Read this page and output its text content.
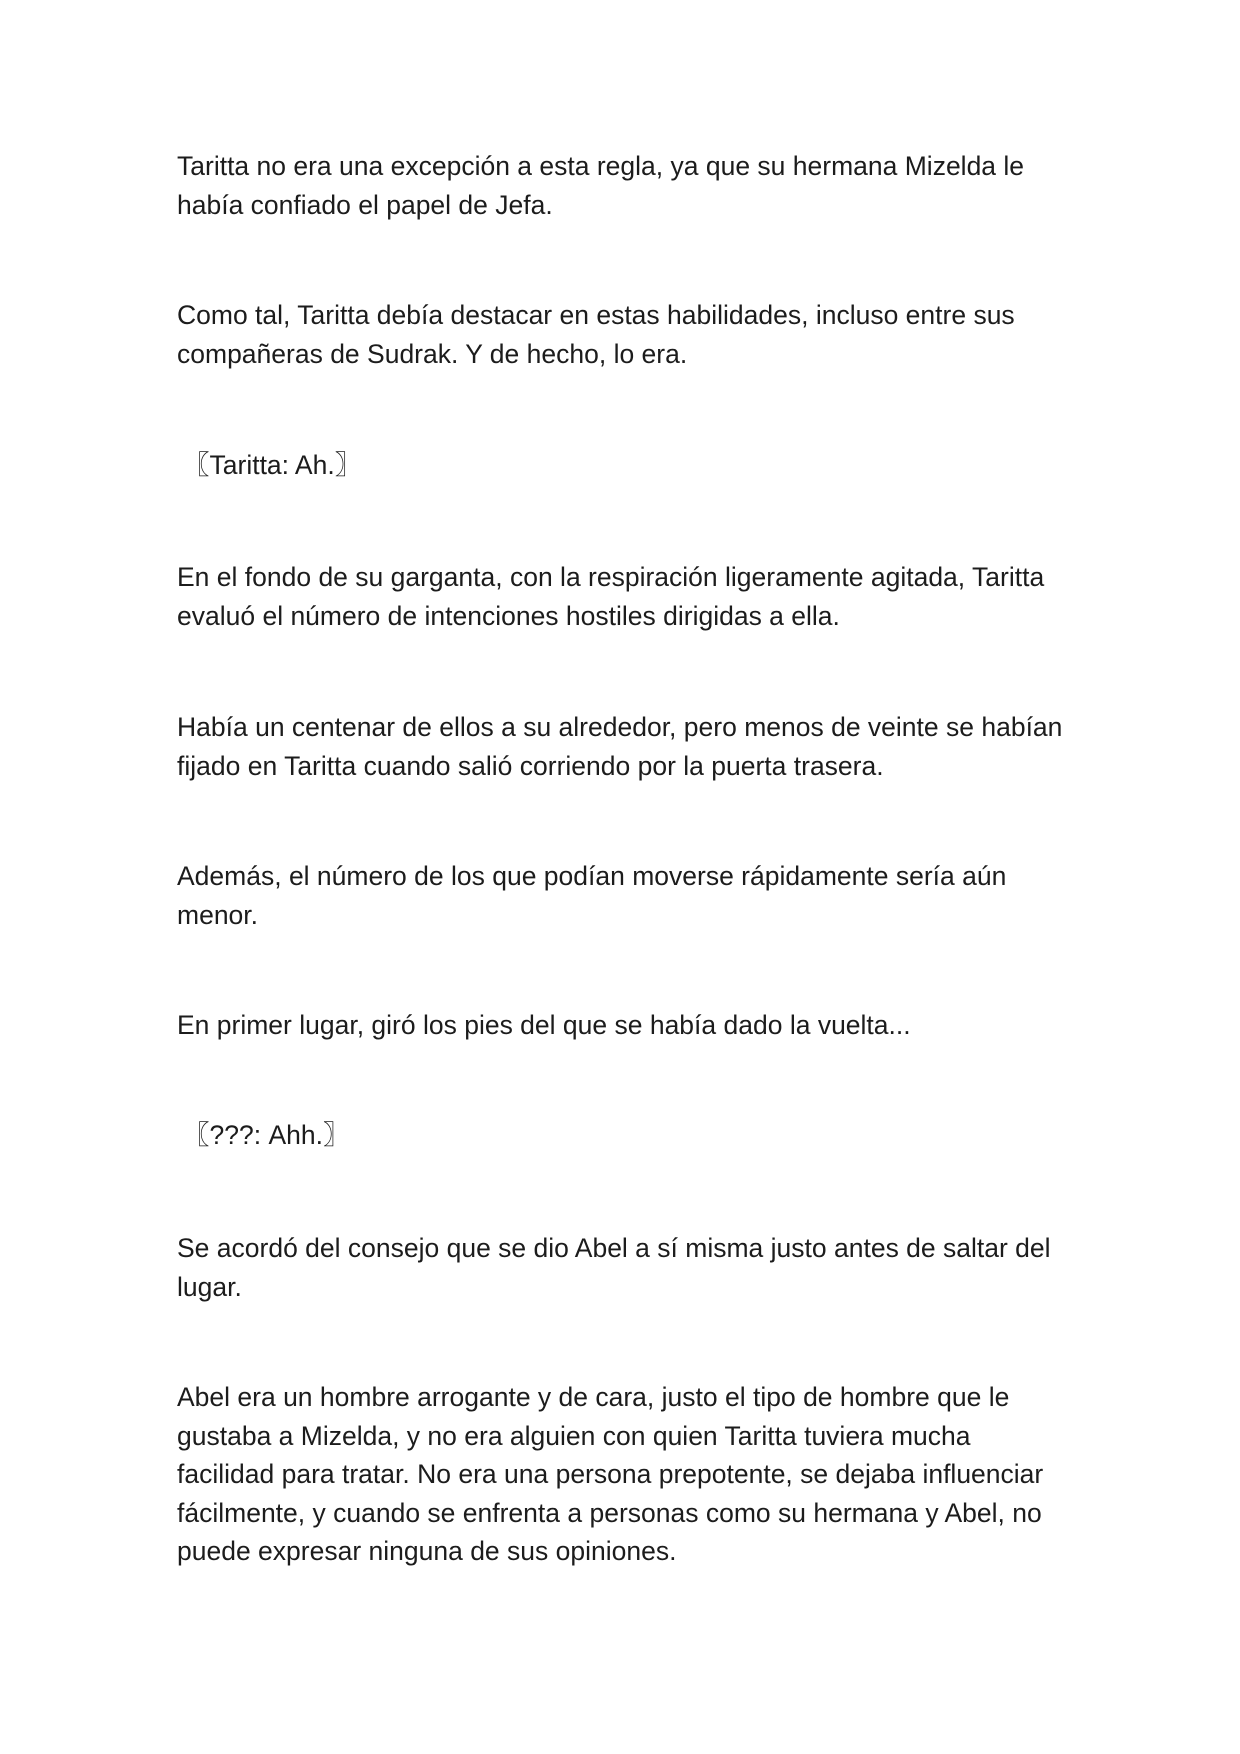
Taritta no era una excepción a esta regla, ya que su hermana Mizelda le
había confiado el papel de Jefa.

Como tal, Taritta debía destacar en estas habilidades, incluso entre sus
compañeras de Sudrak. Y de hecho, lo era.

〖Taritta: Ah.〗

En el fondo de su garganta, con la respiración ligeramente agitada, Taritta
evaluó el número de intenciones hostiles dirigidas a ella.

Había un centenar de ellos a su alrededor, pero menos de veinte se habían
fijado en Taritta cuando salió corriendo por la puerta trasera.

Además, el número de los que podían moverse rápidamente sería aún
menor.

En primer lugar, giró los pies del que se había dado la vuelta...

〖???: Ahh.〗

Se acordó del consejo que se dio Abel a sí misma justo antes de saltar del
lugar.

Abel era un hombre arrogante y de cara, justo el tipo de hombre que le
gustaba a Mizelda, y no era alguien con quien Taritta tuviera mucha
facilidad para tratar. No era una persona prepotente, se dejaba influenciar
fácilmente, y cuando se enfrenta a personas como su hermana y Abel, no
puede expresar ninguna de sus opiniones.
